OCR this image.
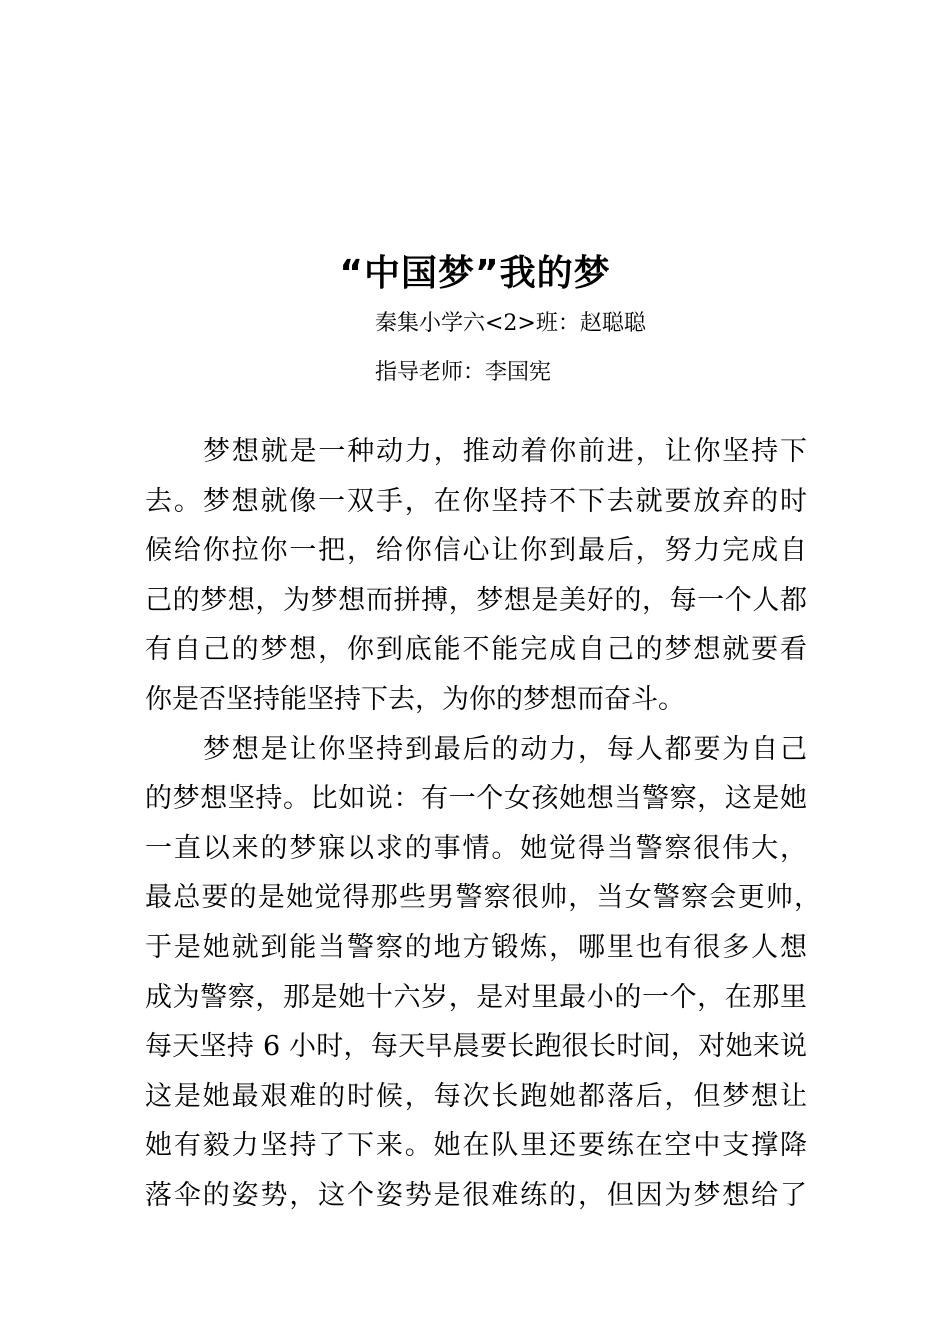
“中国梦”我的梦
秦集小学六<2>班：赵聪聪
指导老师：李国宪
梦想就是一种动力，推动着你前进，让你坚持下
去。梦想就像一双手，在你坚持不下去就要放弃的时
候给你拉你一把，给你信心让你到最后，努力完成自
己的梦想，为梦想而拼搏，梦想是美好的，每一个人都
有自己的梦想，你到底能不能完成自己的梦想就要看
你是否坚持能坚持下去，为你的梦想而奋斗。
梦想是让你坚持到最后的动力，每人都要为自己
的梦想坚持。比如说：有一个女孩她想当警察，这是她
一直以来的梦寐以求的事情。她觉得当警察很伟大，
最总要的是她觉得那些男警察很帅，当女警察会更帅，
于是她就到能当警察的地方锻炼，哪里也有很多人想
成为警察，那是她十六岁，是对里最小的一个，在那里
每天坚持 6 小时，每天早晨要长跑很长时间，对她来说
这是她最艰难的时候，每次长跑她都落后，但梦想让
她有毅力坚持了下来。她在队里还要练在空中支撑降
落伞的姿势，这个姿势是很难练的，但因为梦想给了
